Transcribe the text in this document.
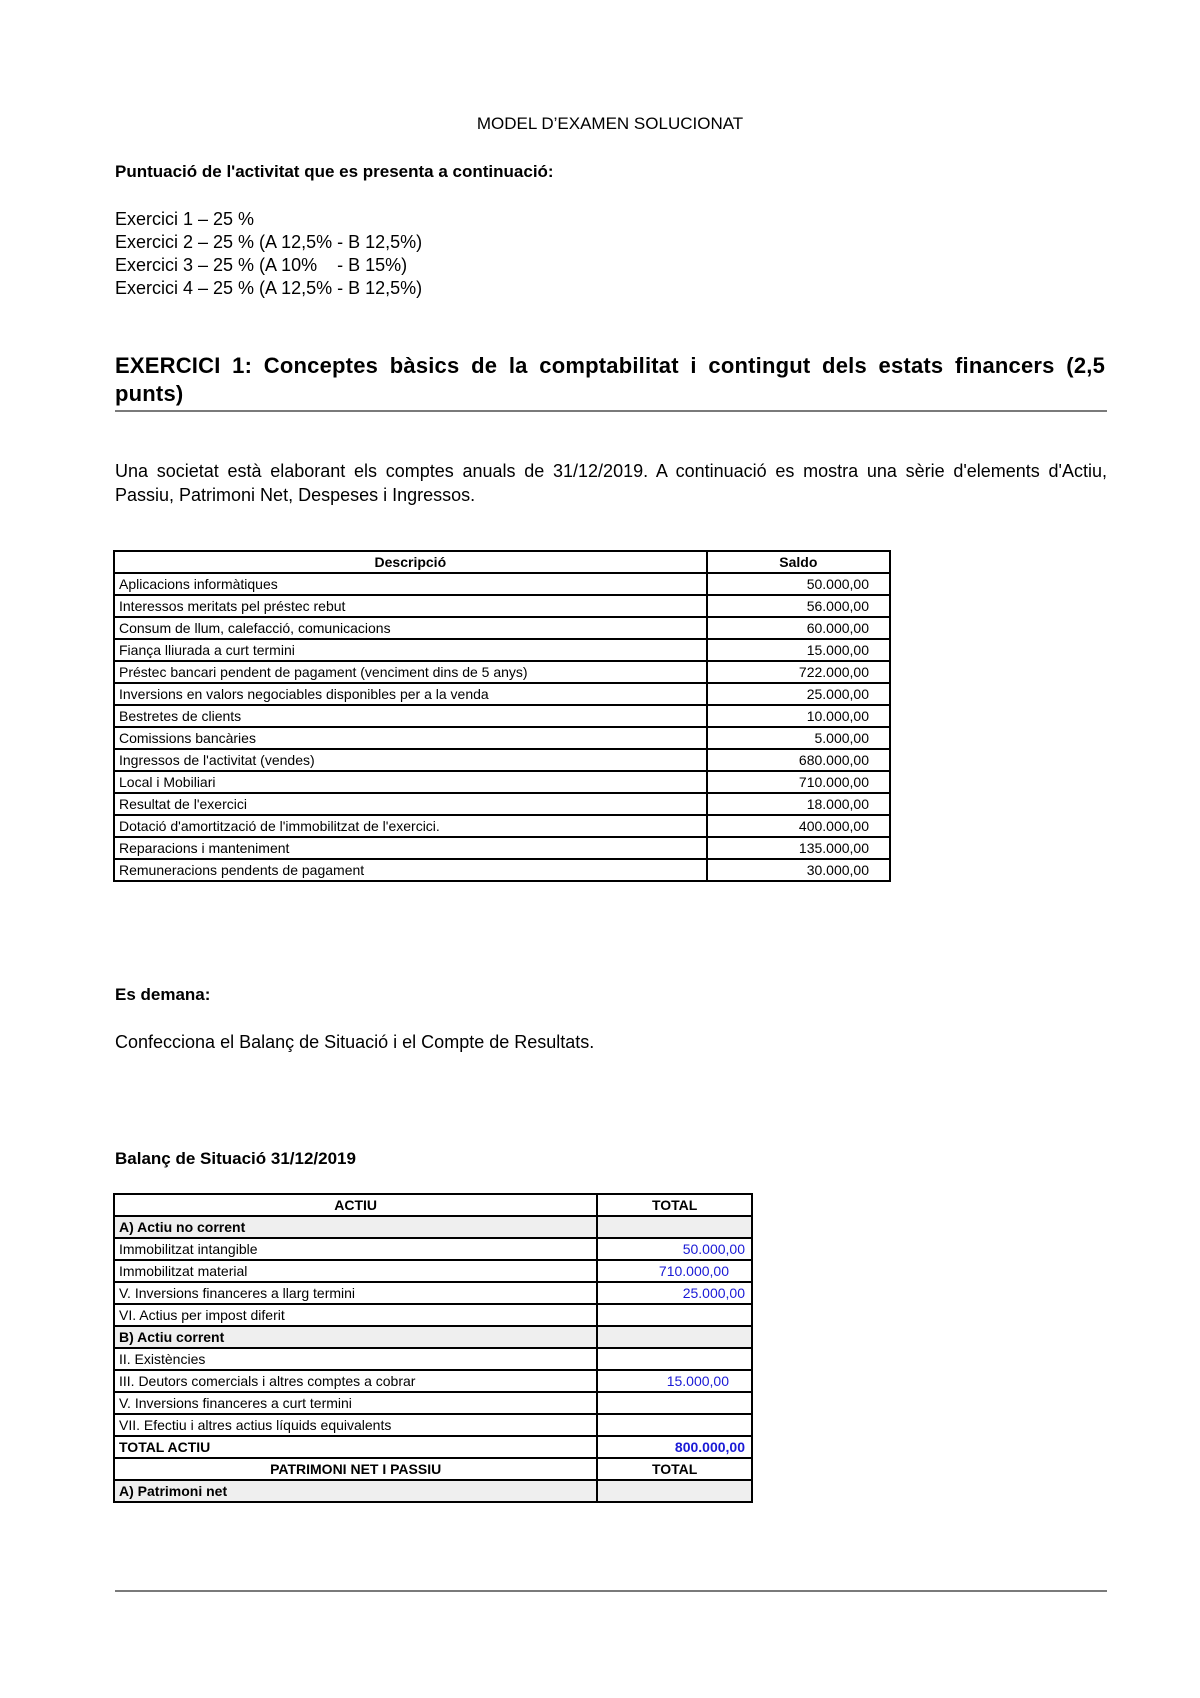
MODEL D’EXAMEN SOLUCIONAT
Puntuació de l'activitat que es presenta a continuació:
Exercici 1 – 25 %
Exercici 2 – 25 % (A 12,5% - B 12,5%)
Exercici 3 – 25 % (A 10%    - B 15%)
Exercici 4 – 25 % (A 12,5% - B 12,5%)
EXERCICI 1: Conceptes bàsics de la comptabilitat i contingut dels estats financers (2,5 punts)
Una societat està elaborant els comptes anuals de 31/12/2019. A continuació es mostra una sèrie d'elements d'Actiu, Passiu, Patrimoni Net, Despeses i Ingressos.
Descripció	Saldo
Aplicacions informàtiques	50.000,00
Interessos meritats pel préstec rebut	56.000,00
Consum de llum, calefacció, comunicacions	60.000,00
Fiança lliurada a curt termini	15.000,00
Préstec bancari pendent de pagament (venciment dins de 5 anys)	722.000,00
Inversions en valors negociables disponibles per a la venda	25.000,00
Bestretes de clients	10.000,00
Comissions bancàries	5.000,00
Ingressos de l'activitat (vendes)	680.000,00
Local i Mobiliari	710.000,00
Resultat de l'exercici	18.000,00
Dotació d'amortització de l'immobilitzat de l'exercici.	400.000,00
Reparacions i manteniment	135.000,00
Remuneracions pendents de pagament	30.000,00
Es demana:
Confecciona el Balanç de Situació i el Compte de Resultats.
Balanç de Situació 31/12/2019
ACTIU	TOTAL
A) Actiu no corrent	
Immobilitzat intangible	50.000,00
Immobilitzat material	710.000,00
V. Inversions financeres a llarg termini	25.000,00
VI. Actius per impost diferit	
B) Actiu corrent	
II. Existències	
III. Deutors comercials i altres comptes a cobrar	15.000,00
V. Inversions financeres a curt termini	
VII. Efectiu i altres actius líquids equivalents	
TOTAL ACTIU	800.000,00
PATRIMONI NET I PASSIU	TOTAL
A) Patrimoni net	
